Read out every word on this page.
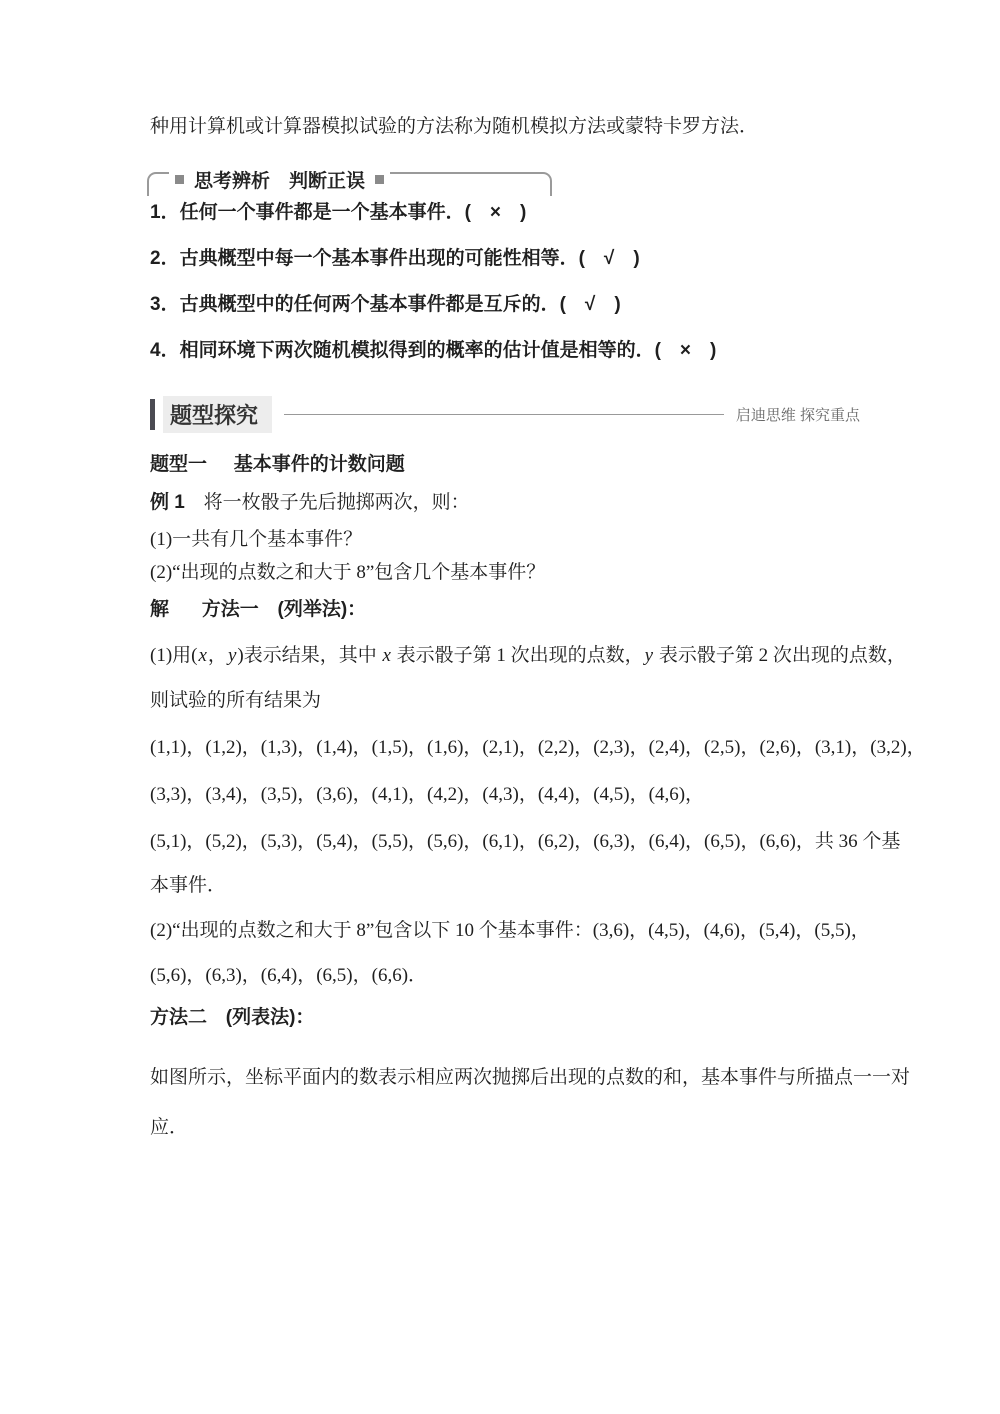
种用计算机或计算器模拟试验的方法称为随机模拟方法或蒙特卡罗方法．
思考辨析　判断正误
1．任何一个事件都是一个基本事件．(　×　)
2．古典概型中每一个基本事件出现的可能性相等．(　√　)
3．古典概型中的任何两个基本事件都是互斥的．(　√　)
4．相同环境下两次随机模拟得到的概率的估计值是相等的．(　×　)
题型探究	启迪思维 探究重点
题型一 基本事件的计数问题
例 1 将一枚骰子先后抛掷两次，则：
(1)一共有几个基本事件？
(2)“出现的点数之和大于 8”包含几个基本事件？
解 方法一 (列举法)：
(1)用(x，y)表示结果，其中 x 表示骰子第 1 次出现的点数，y 表示骰子第 2 次出现的点数，
则试验的所有结果为
(1,1)，(1,2)，(1,3)，(1,4)，(1,5)，(1,6)，(2,1)，(2,2)，(2,3)，(2,4)，(2,5)，(2,6)，(3,1)，(3,2)，
(3,3)，(3,4)，(3,5)，(3,6)，(4,1)，(4,2)，(4,3)，(4,4)，(4,5)，(4,6)，
(5,1)，(5,2)，(5,3)，(5,4)，(5,5)，(5,6)，(6,1)，(6,2)，(6,3)，(6,4)，(6,5)，(6,6)，共 36 个基
本事件．
(2)“出现的点数之和大于 8”包含以下 10 个基本事件：(3,6)，(4,5)，(4,6)，(5,4)，(5,5)，
(5,6)，(6,3)，(6,4)，(6,5)，(6,6)．
方法二 (列表法)：
如图所示，坐标平面内的数表示相应两次抛掷后出现的点数的和，基本事件与所描点一一对
应．
